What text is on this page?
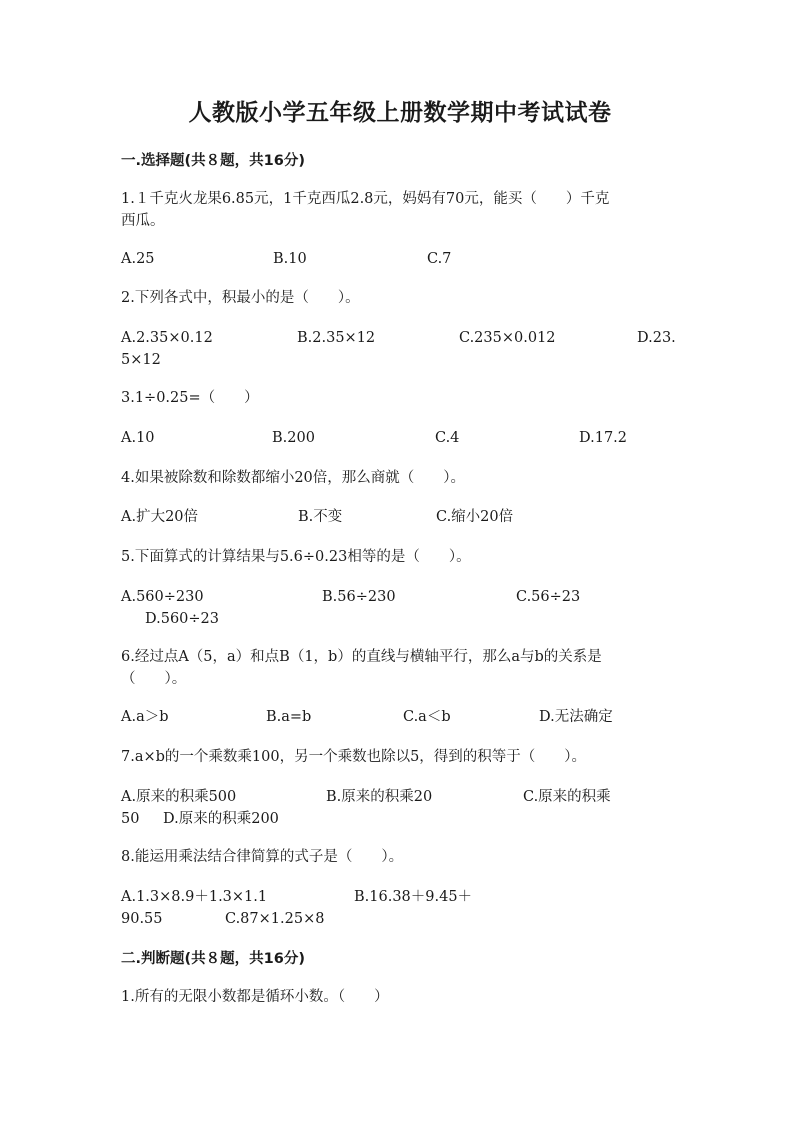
人教版小学五年级上册数学期中考试试卷
一.选择题(共８题，共16分)
1.１千克火龙果6.85元，1千克西瓜2.8元，妈妈有70元，能买（　　）千克
西瓜。
A.25	B.10	C.7
2.下列各式中，积最小的是（　　）。
A.2.35×0.12	B.2.35×12	C.235×0.012	D.23.
5×12
3.1÷0.25=（　　）
A.10	B.200	C.4	D.17.2
4.如果被除数和除数都缩小20倍，那么商就（　　）。
A.扩大20倍	B.不变	C.缩小20倍
5.下面算式的计算结果与5.6÷0.23相等的是（　　）。
A.560÷230	B.56÷230	C.56÷23
D.560÷23
6.经过点A（5，a）和点B（1，b）的直线与横轴平行，那么a与b的关系是
（　　）。
A.a＞b	B.a=b	C.a＜b	D.无法确定
7.a×b的一个乘数乘100，另一个乘数也除以5，得到的积等于（　　）。
A.原来的积乘500	B.原来的积乘20	C.原来的积乘
50 D.原来的积乘200
8.能运用乘法结合律简算的式子是（　　）。
A.1.3×8.9＋1.3×1.1	B.16.38＋9.45＋
90.55	C.87×1.25×8
二.判断题(共８题，共16分)
1.所有的无限小数都是循环小数。（　　）
